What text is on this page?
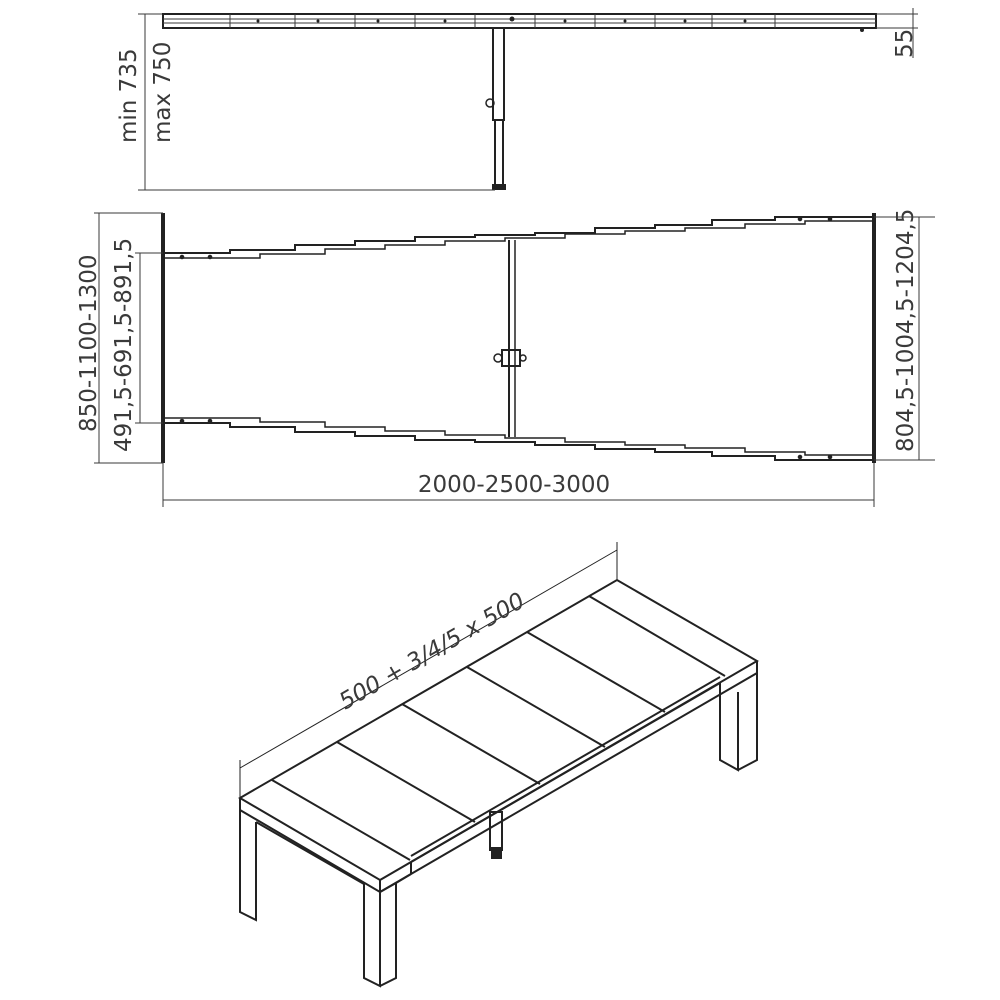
min 735 max 750	55
850-1100-1300 491,5-691,5-891,5	804,5-1004,5-1204,5
2000-2500-3000
500 + 3/4/5 x 500
